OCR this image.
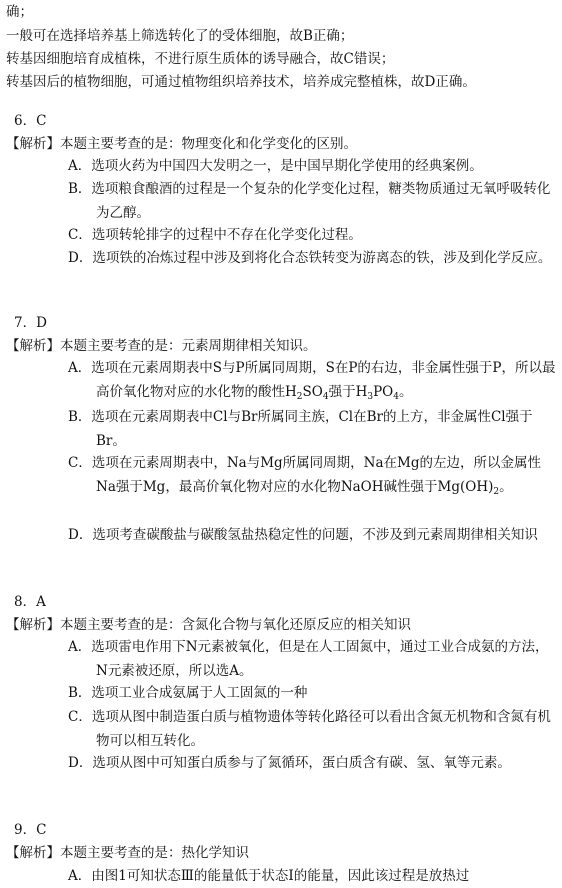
确；
一般可在选择培养基上筛选转化了的受体细胞，故B正确；
转基因细胞培育成植株，不进行原生质体的诱导融合，故C错误；
转基因后的植物细胞，可通过植物组织培养技术，培养成完整植株，故D正确。
6．C
【解析】本题主要考查的是：物理变化和化学变化的区别。
A．选项火药为中国四大发明之一，是中国早期化学使用的经典案例。
B．选项粮食酿酒的过程是一个复杂的化学变化过程，糖类物质通过无氧呼吸转化为乙醇。
C．选项转轮排字的过程中不存在化学变化过程。
D．选项铁的冶炼过程中涉及到将化合态铁转变为游离态的铁，涉及到化学反应。
7．D
【解析】本题主要考查的是：元素周期律相关知识。
A．选项在元素周期表中S与P所属同周期，S在P的右边，非金属性强于P，所以最高价氧化物对应的水化物的酸性$H_2SO_4$强于$H_3PO_4$。
B．选项在元素周期表中Cl与Br所属同主族，Cl在Br的上方，非金属性Cl强于Br。
C．选项在元素周期表中，Na与Mg所属同周期，Na在Mg的左边，所以金属性Na强于Mg，最高价氧化物对应的水化物NaOH碱性强于$Mg(OH)_2$。
D．选项考查碳酸盐与碳酸氢盐热稳定性的问题，不涉及到元素周期律相关知识
8．A
【解析】本题主要考查的是：含氮化合物与氧化还原反应的相关知识
A．选项雷电作用下N元素被氧化，但是在人工固氮中，通过工业合成氨的方法，N元素被还原，所以选A。
B．选项工业合成氨属于人工固氮的一种
C．选项从图中制造蛋白质与植物遗体等转化路径可以看出含氮无机物和含氮有机物可以相互转化。
D．选项从图中可知蛋白质参与了氮循环，蛋白质含有碳、氢、氧等元素。
9．C
【解析】本题主要考查的是：热化学知识
A．由图1可知状态Ⅲ的能量低于状态Ⅰ的能量，因此该过程是放热过
